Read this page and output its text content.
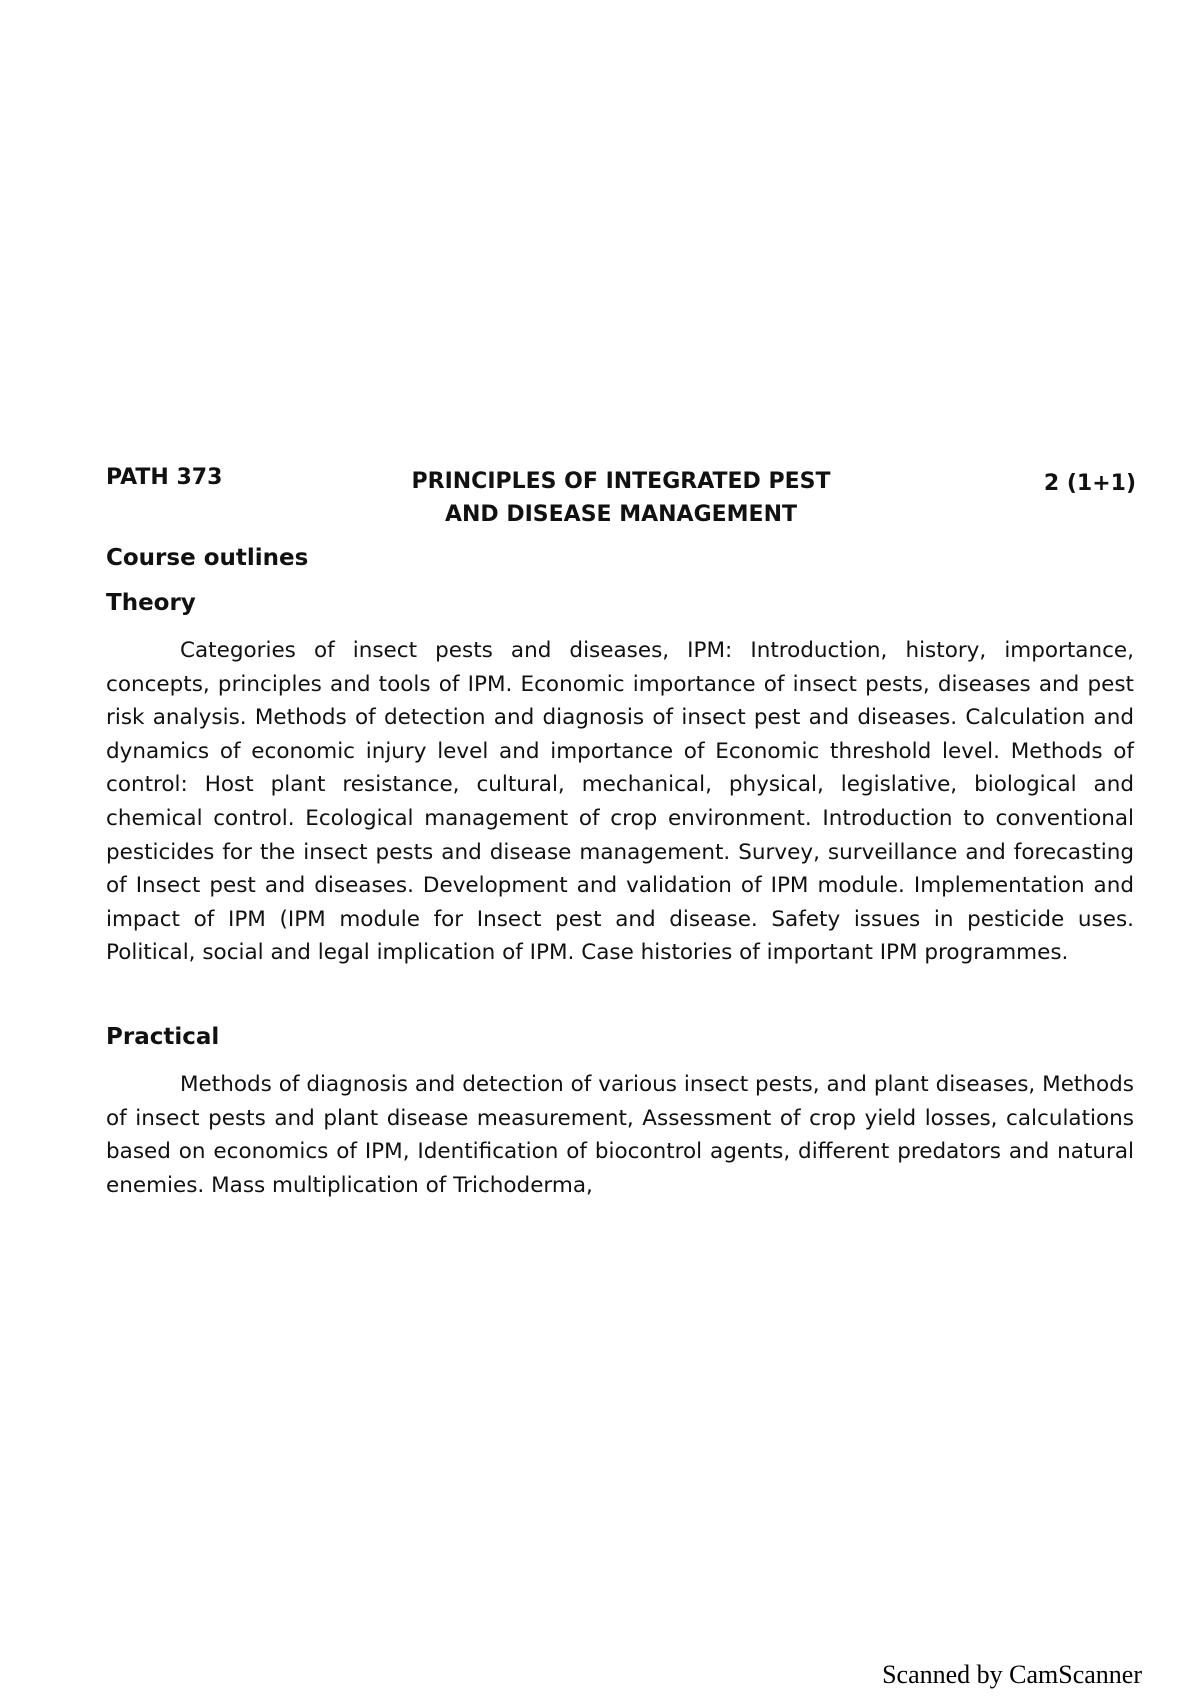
PATH 373	PRINCIPLES OF INTEGRATED PEST
AND DISEASE MANAGEMENT
2 (1+1)
Course outlines
Theory

Categories of insect pests and diseases, IPM: Introduction, history, importance, concepts, principles and tools of IPM. Economic importance of insect pests, diseases and pest risk analysis. Methods of detection and diagnosis of insect pest and diseases. Calculation and dynamics of economic injury level and importance of Economic threshold level. Methods of control: Host plant resistance, cultural, mechanical, physical, legislative, biological and chemical control. Ecological management of crop environment. Introduction to conventional pesticides for the insect pests and disease management. Survey, surveillance and forecasting of Insect pest and diseases. Development and validation of IPM module. Implementation and impact of IPM (IPM module for Insect pest and disease. Safety issues in pesticide uses. Political, social and legal implication of IPM. Case histories of important IPM programmes.

Practical

Methods of diagnosis and detection of various insect pests, and plant diseases, Methods of insect pests and plant disease measurement, Assessment of crop yield losses, calculations based on economics of IPM, Identification of biocontrol agents, different predators and natural enemies. Mass multiplication of Trichoderma,

Scanned by CamScanner
